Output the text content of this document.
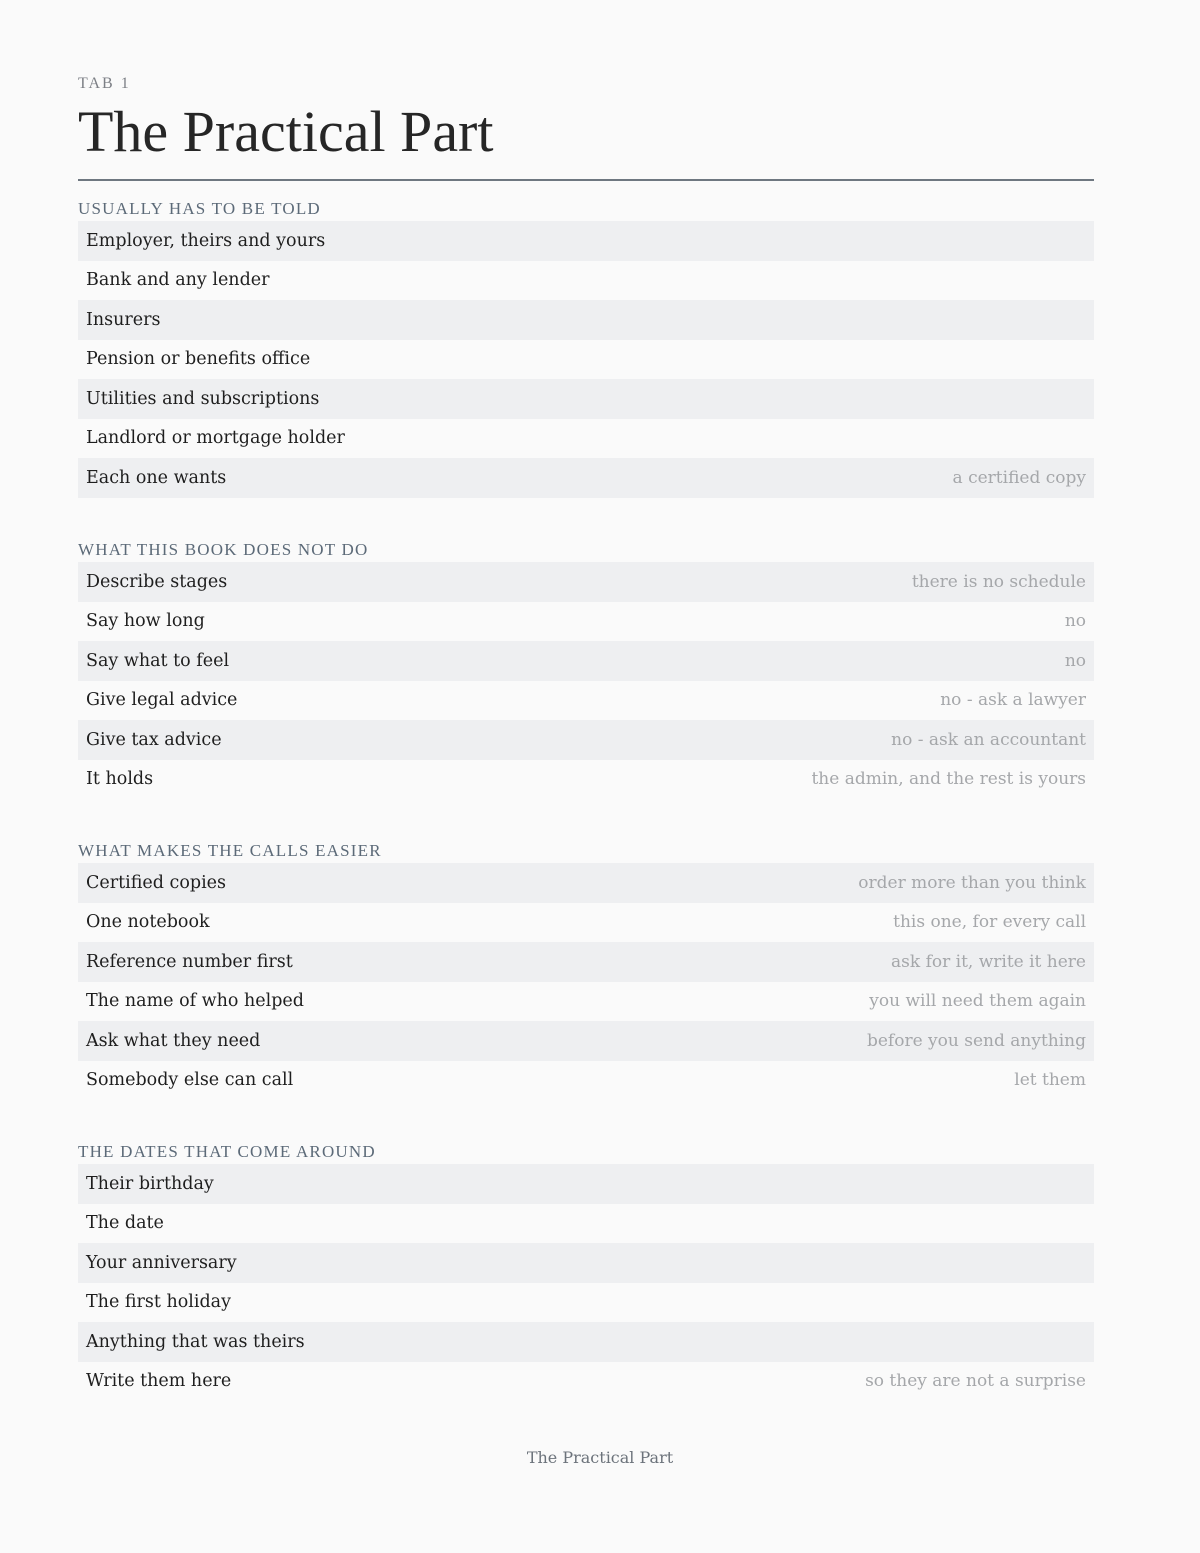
TAB 1
The Practical Part
USUALLY HAS TO BE TOLD
Employer, theirs and yours
Bank and any lender
Insurers
Pension or benefits office
Utilities and subscriptions
Landlord or mortgage holder
Each one wants	a certified copy
WHAT THIS BOOK DOES NOT DO
Describe stages	there is no schedule
Say how long	no
Say what to feel	no
Give legal advice	no - ask a lawyer
Give tax advice	no - ask an accountant
It holds	the admin, and the rest is yours
WHAT MAKES THE CALLS EASIER
Certified copies	order more than you think
One notebook	this one, for every call
Reference number first	ask for it, write it here
The name of who helped	you will need them again
Ask what they need	before you send anything
Somebody else can call	let them
THE DATES THAT COME AROUND
Their birthday
The date
Your anniversary
The first holiday
Anything that was theirs
Write them here	so they are not a surprise
The Practical Part
